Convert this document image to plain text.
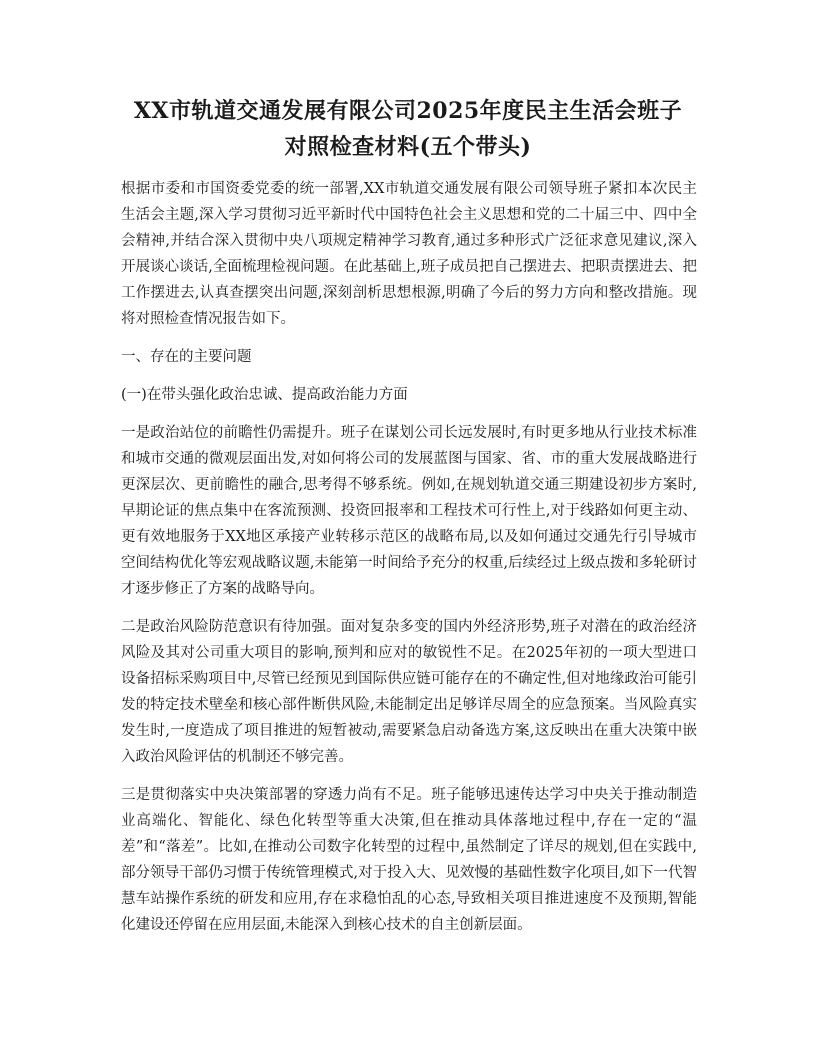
XX市轨道交通发展有限公司2025年度民主生活会班子
对照检查材料(五个带头)

根据市委和市国资委党委的统一部署,XX市轨道交通发展有限公司领导班子紧扣本次民主生活会主题,深入学习贯彻习近平新时代中国特色社会主义思想和党的二十届三中、四中全会精神,并结合深入贯彻中央八项规定精神学习教育,通过多种形式广泛征求意见建议,深入开展谈心谈话,全面梳理检视问题。在此基础上,班子成员把自己摆进去、把职责摆进去、把工作摆进去,认真查摆突出问题,深刻剖析思想根源,明确了今后的努力方向和整改措施。现将对照检查情况报告如下。

一、存在的主要问题

(一)在带头强化政治忠诚、提高政治能力方面

一是政治站位的前瞻性仍需提升。班子在谋划公司长远发展时,有时更多地从行业技术标准和城市交通的微观层面出发,对如何将公司的发展蓝图与国家、省、市的重大发展战略进行更深层次、更前瞻性的融合,思考得不够系统。例如,在规划轨道交通三期建设初步方案时,早期论证的焦点集中在客流预测、投资回报率和工程技术可行性上,对于线路如何更主动、更有效地服务于XX地区承接产业转移示范区的战略布局,以及如何通过交通先行引导城市空间结构优化等宏观战略议题,未能第一时间给予充分的权重,后续经过上级点拨和多轮研讨才逐步修正了方案的战略导向。

二是政治风险防范意识有待加强。面对复杂多变的国内外经济形势,班子对潜在的政治经济风险及其对公司重大项目的影响,预判和应对的敏锐性不足。在2025年初的一项大型进口设备招标采购项目中,尽管已经预见到国际供应链可能存在的不确定性,但对地缘政治可能引发的特定技术壁垒和核心部件断供风险,未能制定出足够详尽周全的应急预案。当风险真实发生时,一度造成了项目推进的短暂被动,需要紧急启动备选方案,这反映出在重大决策中嵌入政治风险评估的机制还不够完善。

三是贯彻落实中央决策部署的穿透力尚有不足。班子能够迅速传达学习中央关于推动制造业高端化、智能化、绿色化转型等重大决策,但在推动具体落地过程中,存在一定的“温差”和“落差”。比如,在推动公司数字化转型的过程中,虽然制定了详尽的规划,但在实践中,部分领导干部仍习惯于传统管理模式,对于投入大、见效慢的基础性数字化项目,如下一代智慧车站操作系统的研发和应用,存在求稳怕乱的心态,导致相关项目推进速度不及预期,智能化建设还停留在应用层面,未能深入到核心技术的自主创新层面。
